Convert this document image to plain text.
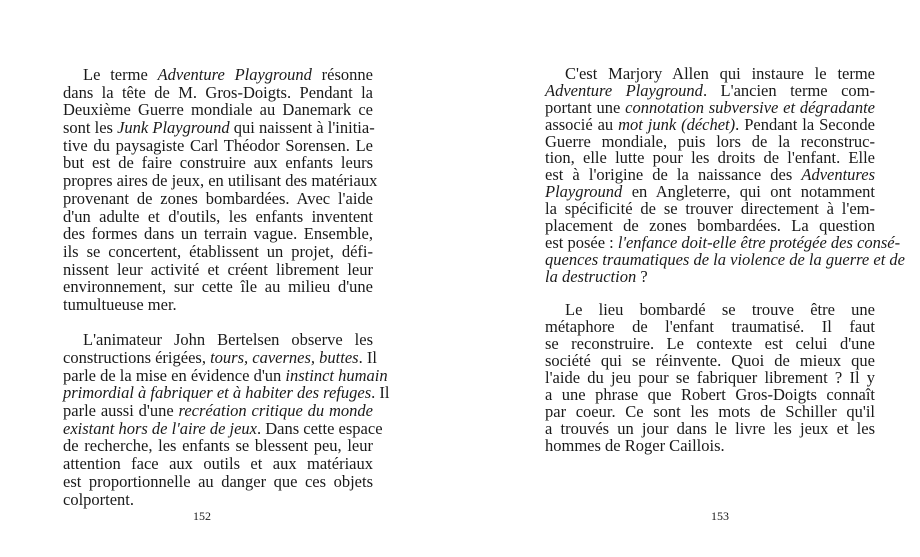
Le terme Adventure Playground résonne
dans la tête de M. Gros-Doigts. Pendant la
Deuxième Guerre mondiale au Danemark ce
sont les Junk Playground qui naissent à l'initia-
tive du paysagiste Carl Théodor Sorensen. Le
but est de faire construire aux enfants leurs
propres aires de jeux, en utilisant des matériaux
provenant de zones bombardées. Avec l'aide
d'un adulte et d'outils, les enfants inventent
des formes dans un terrain vague. Ensemble,
ils se concertent, établissent un projet, défi-
nissent leur activité et créent librement leur
environnement, sur cette île au milieu d'une
tumultueuse mer.
L'animateur John Bertelsen observe les
constructions érigées, tours, cavernes, buttes. Il
parle de la mise en évidence d'un instinct humain
primordial à fabriquer et à habiter des refuges. Il
parle aussi d'une recréation critique du monde
existant hors de l'aire de jeux. Dans cette espace
de recherche, les enfants se blessent peu, leur
attention face aux outils et aux matériaux
est proportionnelle au danger que ces objets
colportent.
152
C'est Marjory Allen qui instaure le terme
Adventure Playground. L'ancien terme com-
portant une connotation subversive et dégradante
associé au mot junk (déchet). Pendant la Seconde
Guerre mondiale, puis lors de la reconstruc-
tion, elle lutte pour les droits de l'enfant. Elle
est à l'origine de la naissance des Adventures
Playground en Angleterre, qui ont notamment
la spécificité de se trouver directement à l'em-
placement de zones bombardées. La question
est posée : l'enfance doit-elle être protégée des consé-
quences traumatiques de la violence de la guerre et de
la destruction ?
Le lieu bombardé se trouve être une
métaphore de l'enfant traumatisé. Il faut
se reconstruire. Le contexte est celui d'une
société qui se réinvente. Quoi de mieux que
l'aide du jeu pour se fabriquer librement ? Il y
a une phrase que Robert Gros-Doigts connaît
par coeur. Ce sont les mots de Schiller qu'il
a trouvés un jour dans le livre les jeux et les
hommes de Roger Caillois.
153
